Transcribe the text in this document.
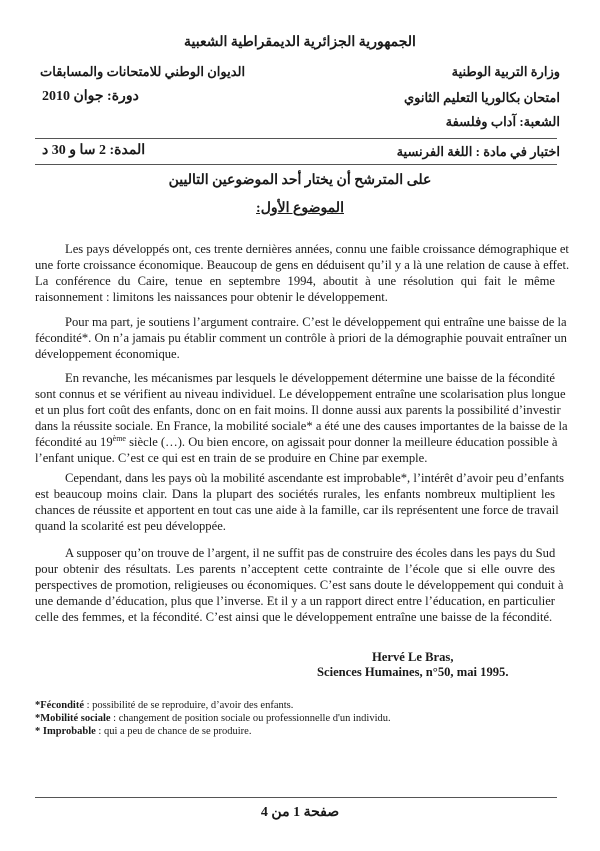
الجمهورية الجزائرية الديمقراطية الشعبية
وزارة التربية الوطنية
الديوان الوطني للامتحانات والمسابقات
امتحان بكالوريا التعليم الثانوي
دورة: جوان 2010
الشعبة: آداب وفلسفة
اختبار في مادة : اللغة الفرنسية
المدة: 2 سا و 30 د
على المترشح أن يختار أحد الموضوعين التاليين
الموضوع الأول:
Les pays développés ont, ces trente dernières années, connu une faible croissance démographique et
une forte croissance économique. Beaucoup de gens en déduisent qu’il y a là une relation de cause à effet.
La conférence du Caire, tenue en septembre 1994, aboutit à une résolution qui fait le même
raisonnement : limitons les naissances pour obtenir le développement.
Pour ma part, je soutiens l’argument contraire. C’est le développement qui entraîne une baisse de la
fécondité*. On n’a jamais pu établir comment un contrôle à priori de la démographie pouvait entraîner un
développement économique.
En revanche, les mécanismes par lesquels le développement détermine une baisse de la fécondité
sont connus et se vérifient au niveau individuel. Le développement entraîne une scolarisation plus longue
et un plus fort coût des enfants, donc on en fait moins. Il donne aussi aux parents la possibilité d’investir
dans la réussite sociale. En France, la mobilité sociale* a été une des causes importantes de la baisse de la
fécondité au 19ème siècle (…). Ou bien encore, on agissait pour donner la meilleure éducation possible à
l’enfant unique. C’est ce qui est en train de se produire en Chine par exemple.
Cependant, dans les pays où la mobilité ascendante est improbable*, l’intérêt d’avoir peu d’enfants
est beaucoup moins clair. Dans la plupart des sociétés rurales, les enfants nombreux multiplient les
chances de réussite et apportent en tout cas une aide à la famille, car ils représentent une force de travail
quand la scolarité est peu développée.
A supposer qu’on trouve de l’argent, il ne suffit pas de construire des écoles dans les pays du Sud
pour obtenir des résultats. Les parents n’acceptent cette contrainte de l’école que si elle ouvre des
perspectives de promotion, religieuses ou économiques. C’est sans doute le développement qui conduit à
une demande d’éducation, plus que l’inverse. Et il y a un rapport direct entre l’éducation, en particulier
celle des femmes, et la fécondité. C’est ainsi que le développement entraîne une baisse de la fécondité.
Hervé Le Bras,
Sciences Humaines, n°50, mai 1995.
*Fécondité : possibilité de se reproduire, d’avoir des enfants.
*Mobilité sociale : changement de position sociale ou professionnelle d'un individu.
* Improbable : qui a peu de chance de se produire.
صفحة 1 من 4
